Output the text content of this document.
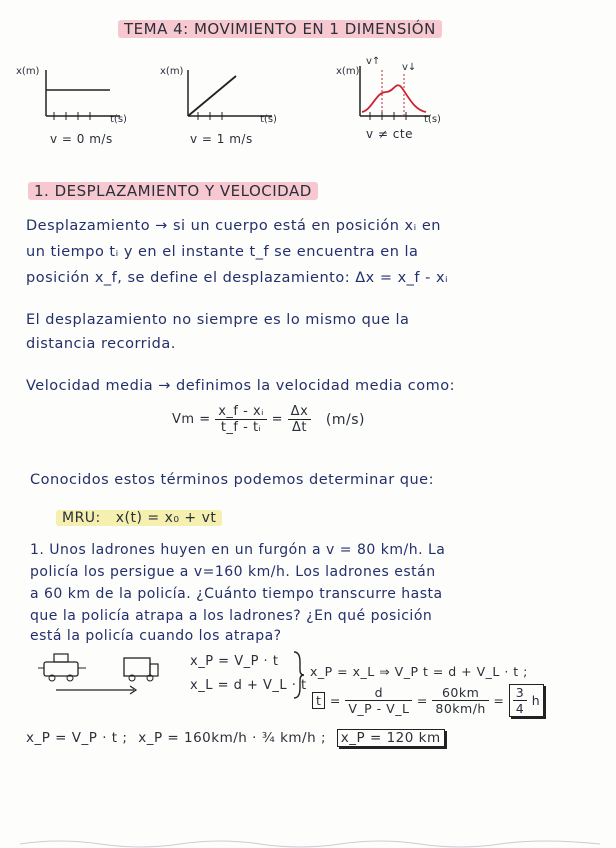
TEMA 4: MOVIMIENTO EN 1 DIMENSIÓN
x(m)
t(s)
x(m)
t(s)
x(m)
v↑
v↓
t(s)
v = 0 m/s	v = 1 m/s	v ≠ cte
1. DESPLAZAMIENTO Y VELOCIDAD
Desplazamiento → si un cuerpo está en posición xᵢ en
un tiempo tᵢ y en el instante t_f se encuentra en la
posición x_f, se define el desplazamiento: Δx = x_f - xᵢ
El desplazamiento no siempre es lo mismo que la
distancia recorrida.
Velocidad media → definimos la velocidad media como:
$Vm = \frac{\text{x\_f - xᵢ}}{\text{t\_f - tᵢ}} = \frac{\Delta x}{\Delta t} (m/s)$
Conocidos estos términos podemos determinar que:
MRU: x(t) = x₀ + vt
1. Unos ladrones huyen en un furgón a v = 80 km/h. La
policía los persigue a v=160 km/h. Los ladrones están
a 60 km de la policía. ¿Cuánto tiempo transcurre hasta
que la policía atrapa a los ladrones? ¿En qué posición
está la policía cuando los atrapa?
x_P = V_P · t
x_L = d + V_L · t
x_P = x_L ⇒ V_P t = d + V_L · t ;
$t = \frac{d}{V\_P - V\_L} = \frac{60km}{80km/h} = \frac{3}{4}$ h
x_P = V_P · t ; x_P = 160km/h · ¾ km/h ; x_P = 120 km
